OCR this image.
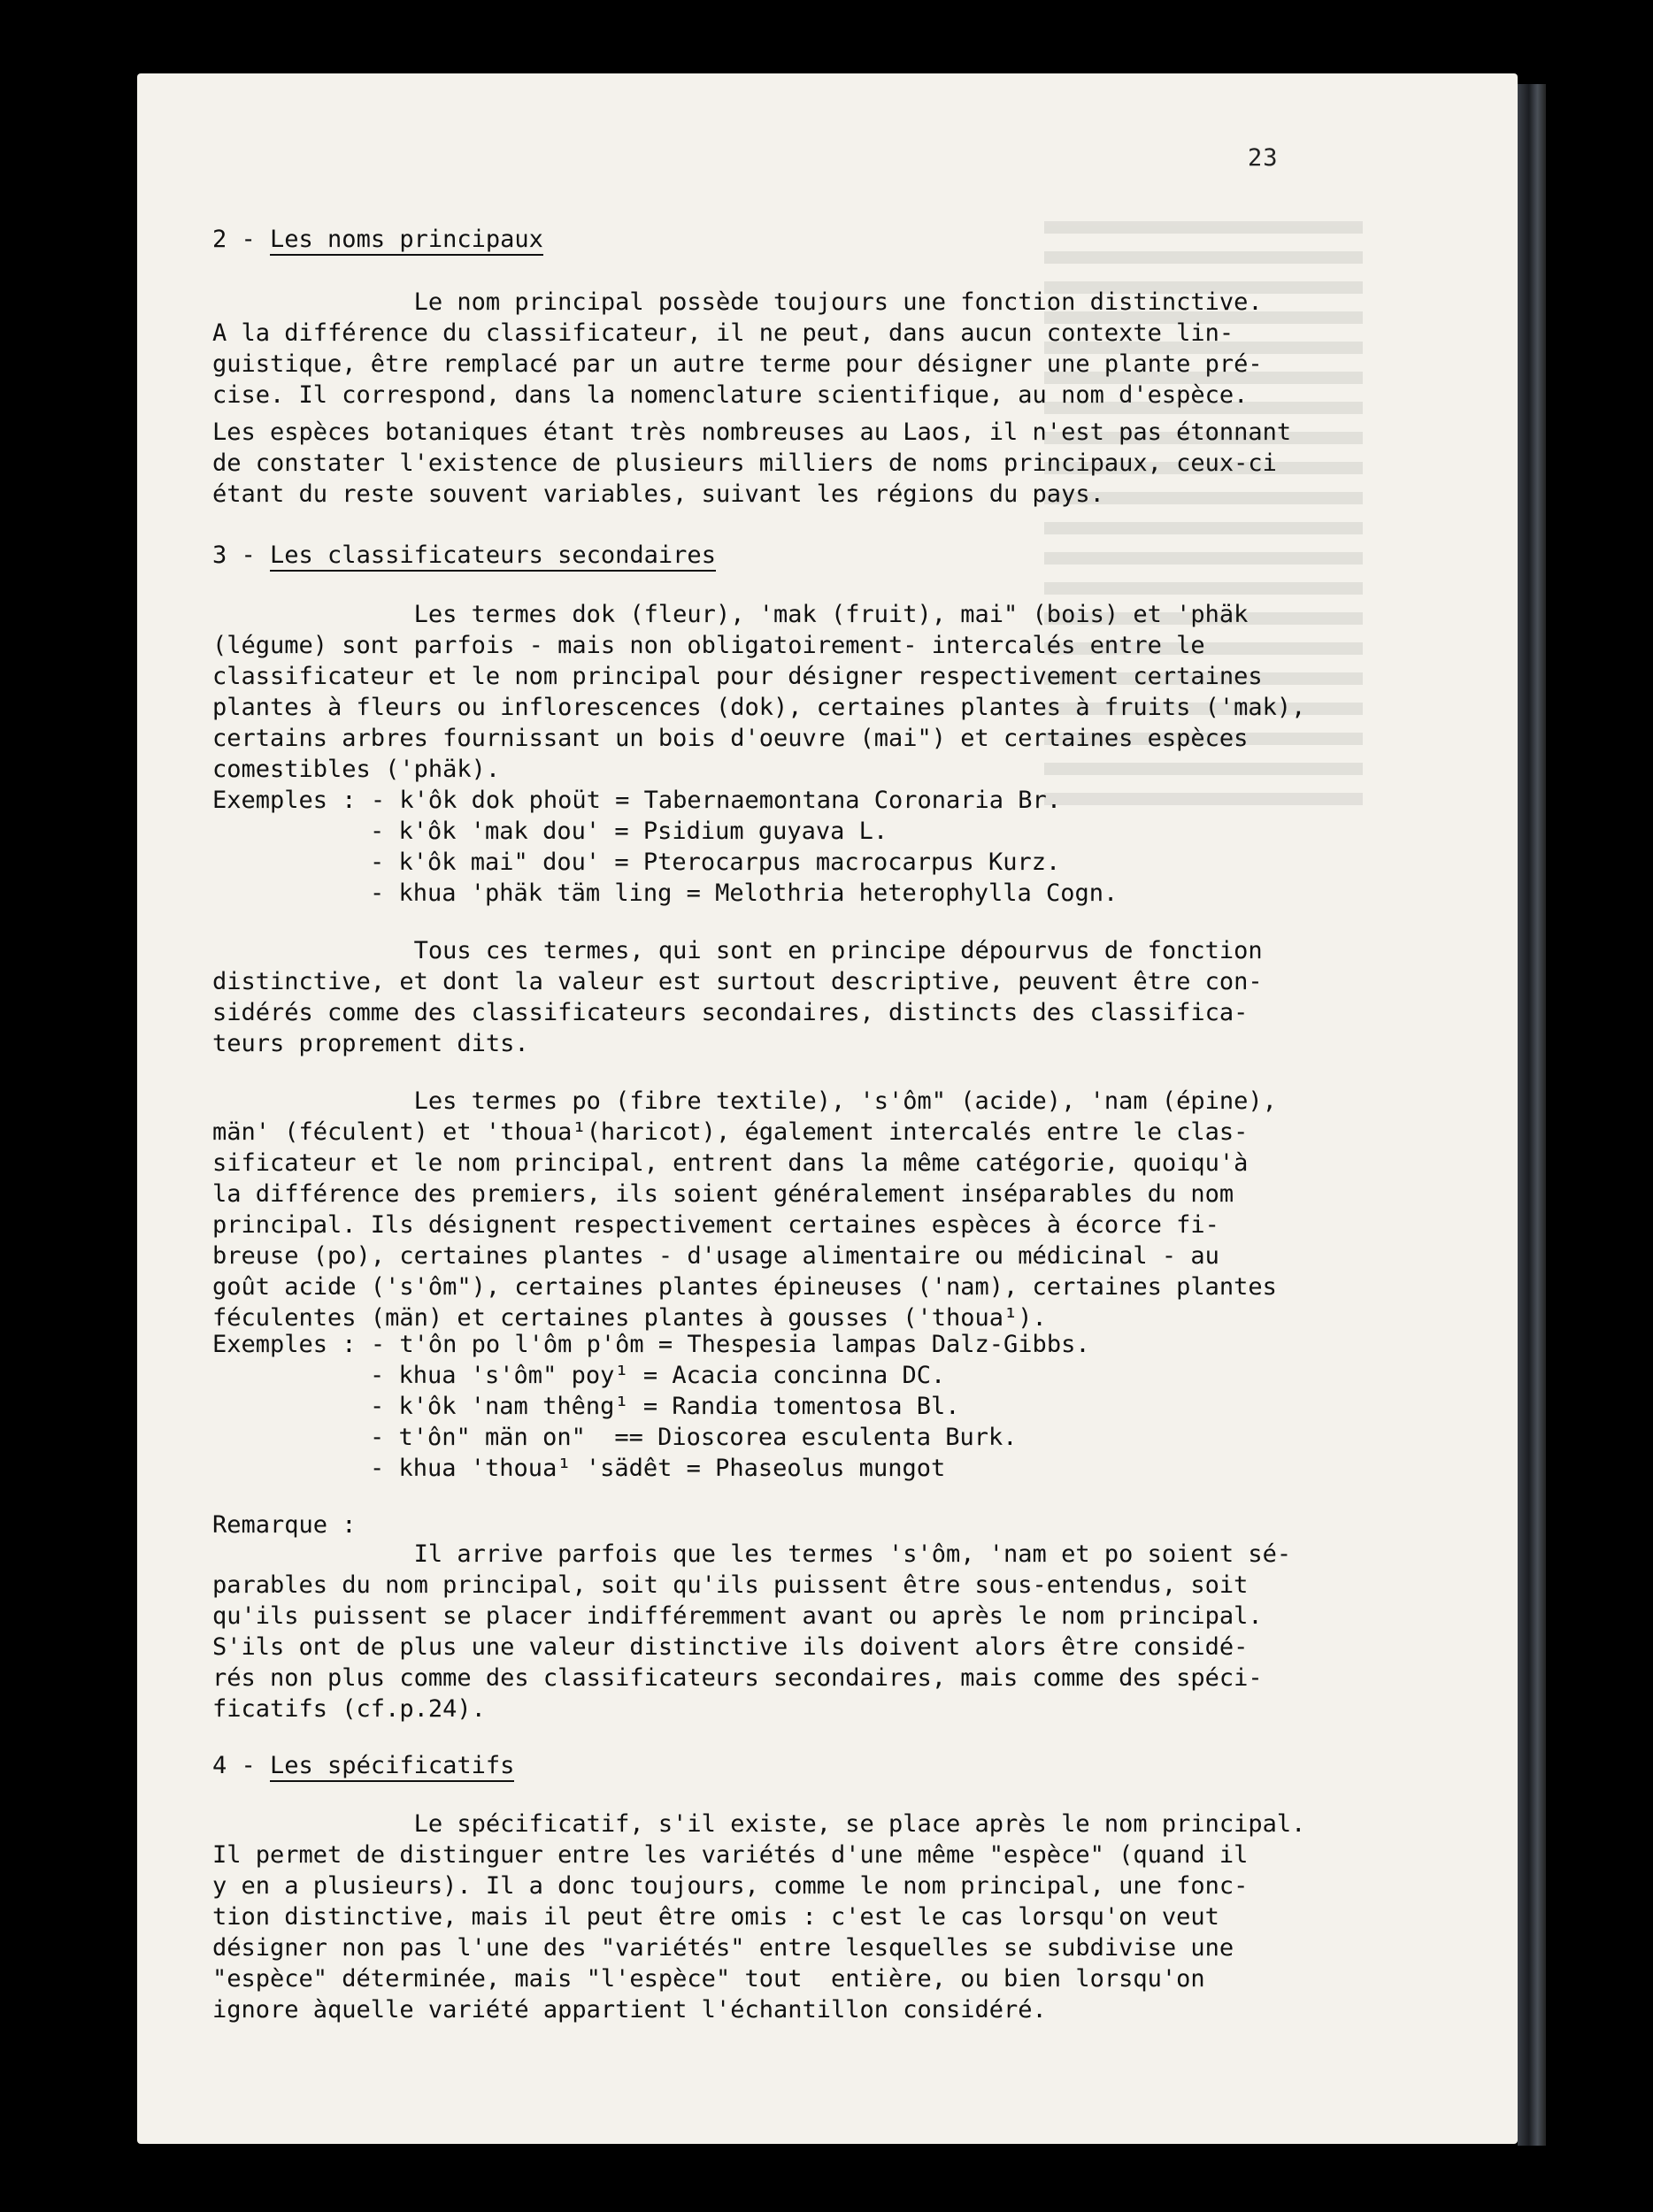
23
2 - Les noms principaux
Le nom principal possède toujours une fonction distinctive.
A la différence du classificateur, il ne peut, dans aucun contexte lin-
guistique, être remplacé par un autre terme pour désigner une plante pré-
cise. Il correspond, dans la nomenclature scientifique, au nom d'espèce.
Les espèces botaniques étant très nombreuses au Laos, il n'est pas étonnant
de constater l'existence de plusieurs milliers de noms principaux, ceux-ci
étant du reste souvent variables, suivant les régions du pays.
3 - Les classificateurs secondaires
Les termes dok (fleur), 'mak (fruit), mai" (bois) et 'phäk
(légume) sont parfois - mais non obligatoirement- intercalés entre le
classificateur et le nom principal pour désigner respectivement certaines
plantes à fleurs ou inflorescences (dok), certaines plantes à fruits ('mak),
certains arbres fournissant un bois d'oeuvre (mai") et certaines espèces
comestibles ('phäk).
Exemples : - k'ôk dok phoüt = Tabernaemontana Coronaria Br.
- k'ôk 'mak dou' = Psidium guyava L.
- k'ôk mai" dou' = Pterocarpus macrocarpus Kurz.
- khua 'phäk täm ling = Melothria heterophylla Cogn.
Tous ces termes, qui sont en principe dépourvus de fonction
distinctive, et dont la valeur est surtout descriptive, peuvent être con-
sidérés comme des classificateurs secondaires, distincts des classifica-
teurs proprement dits.
Les termes po (fibre textile), 's'ôm" (acide), 'nam (épine),
män' (féculent) et 'thoua¹(haricot), également intercalés entre le clas-
sificateur et le nom principal, entrent dans la même catégorie, quoiqu'à
la différence des premiers, ils soient généralement inséparables du nom
principal. Ils désignent respectivement certaines espèces à écorce fi-
breuse (po), certaines plantes - d'usage alimentaire ou médicinal - au
goût acide ('s'ôm"), certaines plantes épineuses ('nam), certaines plantes
féculentes (män) et certaines plantes à gousses ('thoua¹).
Exemples : - t'ôn po l'ôm p'ôm = Thespesia lampas Dalz-Gibbs.
- khua 's'ôm" poy¹ = Acacia concinna DC.
- k'ôk 'nam thêng¹ = Randia tomentosa Bl.
- t'ôn" män on"  == Dioscorea esculenta Burk.
- khua 'thoua¹ 'sädêt = Phaseolus mungot
Remarque :
Il arrive parfois que les termes 's'ôm, 'nam et po soient sé-
parables du nom principal, soit qu'ils puissent être sous-entendus, soit
qu'ils puissent se placer indifféremment avant ou après le nom principal.
S'ils ont de plus une valeur distinctive ils doivent alors être considé-
rés non plus comme des classificateurs secondaires, mais comme des spéci-
ficatifs (cf.p.24).
4 - Les spécificatifs
Le spécificatif, s'il existe, se place après le nom principal.
Il permet de distinguer entre les variétés d'une même "espèce" (quand il
y en a plusieurs). Il a donc toujours, comme le nom principal, une fonc-
tion distinctive, mais il peut être omis : c'est le cas lorsqu'on veut
désigner non pas l'une des "variétés" entre lesquelles se subdivise une
"espèce" déterminée, mais "l'espèce" tout  entière, ou bien lorsqu'on
ignore àquelle variété appartient l'échantillon considéré.
